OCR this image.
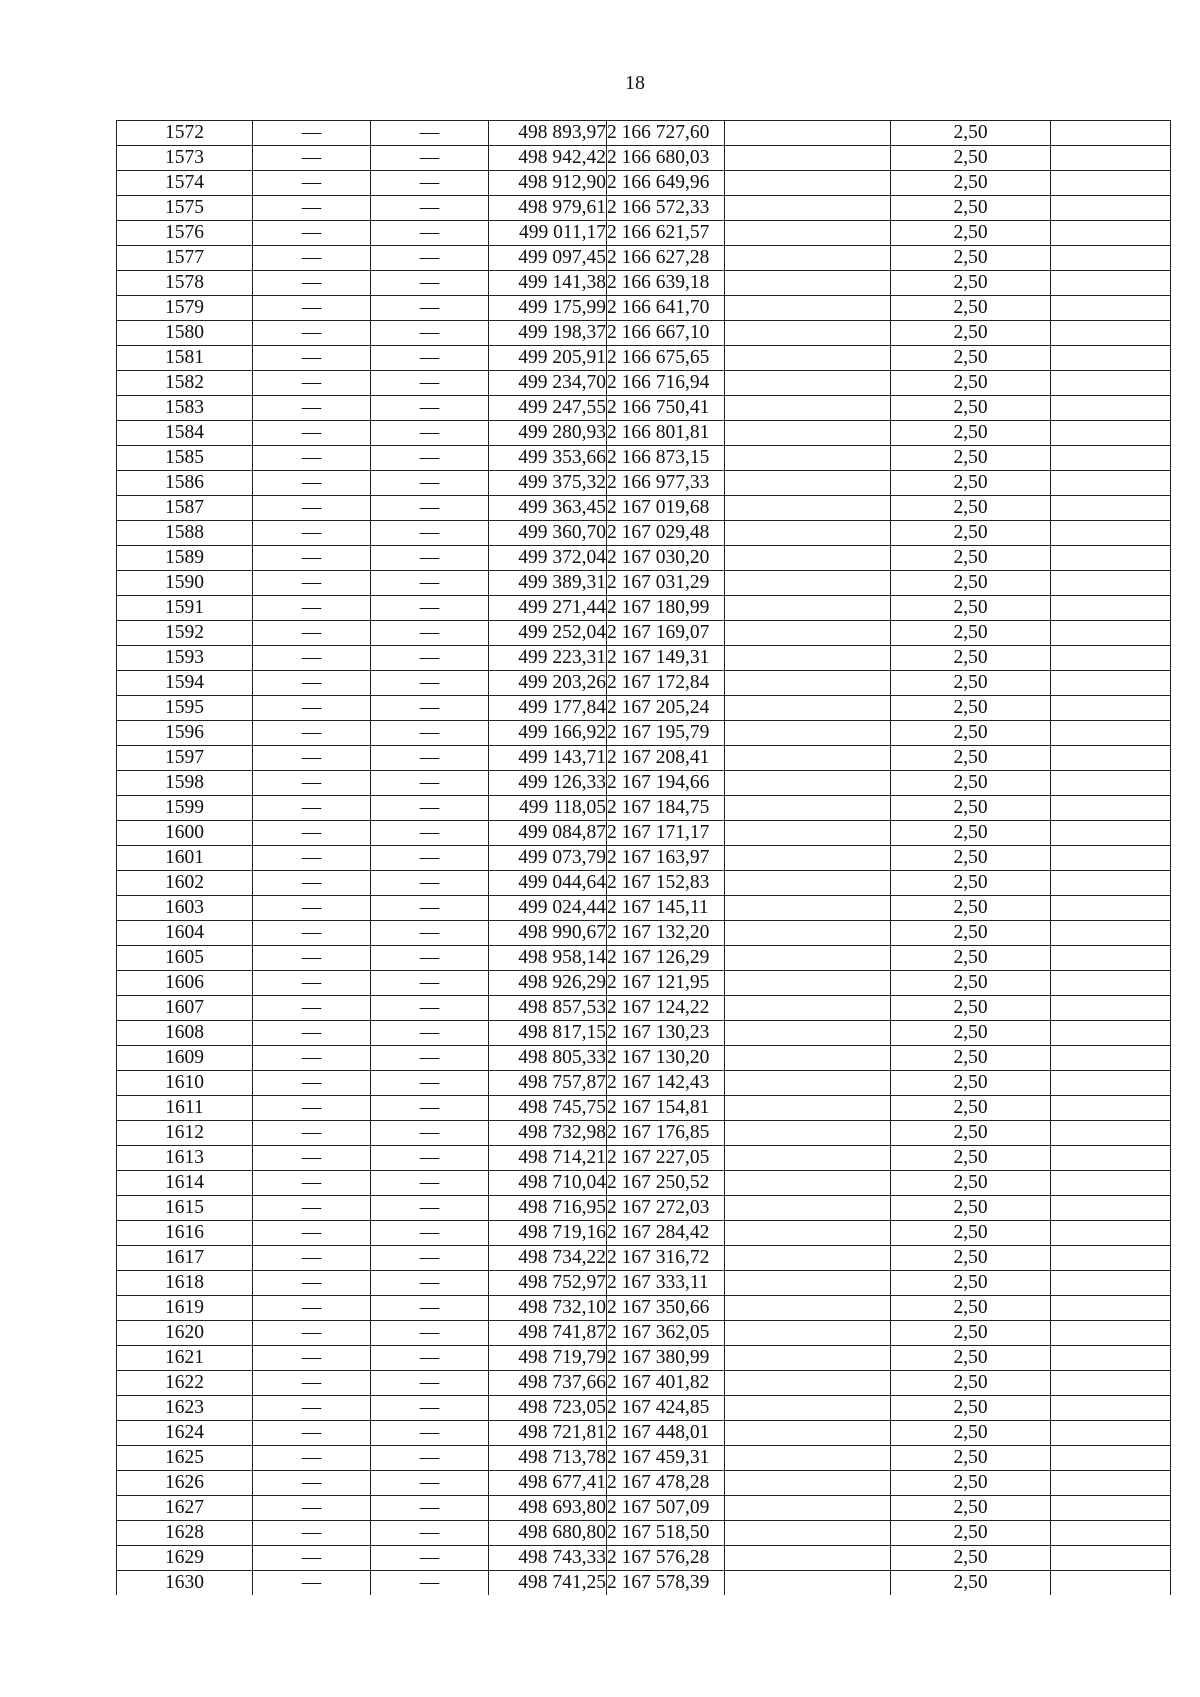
18
1572	—	—	498 893,97	2 166 727,60		2,50	
1573	—	—	498 942,42	2 166 680,03		2,50	
1574	—	—	498 912,90	2 166 649,96		2,50	
1575	—	—	498 979,61	2 166 572,33		2,50	
1576	—	—	499 011,17	2 166 621,57		2,50	
1577	—	—	499 097,45	2 166 627,28		2,50	
1578	—	—	499 141,38	2 166 639,18		2,50	
1579	—	—	499 175,99	2 166 641,70		2,50	
1580	—	—	499 198,37	2 166 667,10		2,50	
1581	—	—	499 205,91	2 166 675,65		2,50	
1582	—	—	499 234,70	2 166 716,94		2,50	
1583	—	—	499 247,55	2 166 750,41		2,50	
1584	—	—	499 280,93	2 166 801,81		2,50	
1585	—	—	499 353,66	2 166 873,15		2,50	
1586	—	—	499 375,32	2 166 977,33		2,50	
1587	—	—	499 363,45	2 167 019,68		2,50	
1588	—	—	499 360,70	2 167 029,48		2,50	
1589	—	—	499 372,04	2 167 030,20		2,50	
1590	—	—	499 389,31	2 167 031,29		2,50	
1591	—	—	499 271,44	2 167 180,99		2,50	
1592	—	—	499 252,04	2 167 169,07		2,50	
1593	—	—	499 223,31	2 167 149,31		2,50	
1594	—	—	499 203,26	2 167 172,84		2,50	
1595	—	—	499 177,84	2 167 205,24		2,50	
1596	—	—	499 166,92	2 167 195,79		2,50	
1597	—	—	499 143,71	2 167 208,41		2,50	
1598	—	—	499 126,33	2 167 194,66		2,50	
1599	—	—	499 118,05	2 167 184,75		2,50	
1600	—	—	499 084,87	2 167 171,17		2,50	
1601	—	—	499 073,79	2 167 163,97		2,50	
1602	—	—	499 044,64	2 167 152,83		2,50	
1603	—	—	499 024,44	2 167 145,11		2,50	
1604	—	—	498 990,67	2 167 132,20		2,50	
1605	—	—	498 958,14	2 167 126,29		2,50	
1606	—	—	498 926,29	2 167 121,95		2,50	
1607	—	—	498 857,53	2 167 124,22		2,50	
1608	—	—	498 817,15	2 167 130,23		2,50	
1609	—	—	498 805,33	2 167 130,20		2,50	
1610	—	—	498 757,87	2 167 142,43		2,50	
1611	—	—	498 745,75	2 167 154,81		2,50	
1612	—	—	498 732,98	2 167 176,85		2,50	
1613	—	—	498 714,21	2 167 227,05		2,50	
1614	—	—	498 710,04	2 167 250,52		2,50	
1615	—	—	498 716,95	2 167 272,03		2,50	
1616	—	—	498 719,16	2 167 284,42		2,50	
1617	—	—	498 734,22	2 167 316,72		2,50	
1618	—	—	498 752,97	2 167 333,11		2,50	
1619	—	—	498 732,10	2 167 350,66		2,50	
1620	—	—	498 741,87	2 167 362,05		2,50	
1621	—	—	498 719,79	2 167 380,99		2,50	
1622	—	—	498 737,66	2 167 401,82		2,50	
1623	—	—	498 723,05	2 167 424,85		2,50	
1624	—	—	498 721,81	2 167 448,01		2,50	
1625	—	—	498 713,78	2 167 459,31		2,50	
1626	—	—	498 677,41	2 167 478,28		2,50	
1627	—	—	498 693,80	2 167 507,09		2,50	
1628	—	—	498 680,80	2 167 518,50		2,50	
1629	—	—	498 743,33	2 167 576,28		2,50	
1630	—	—	498 741,25	2 167 578,39		2,50	
